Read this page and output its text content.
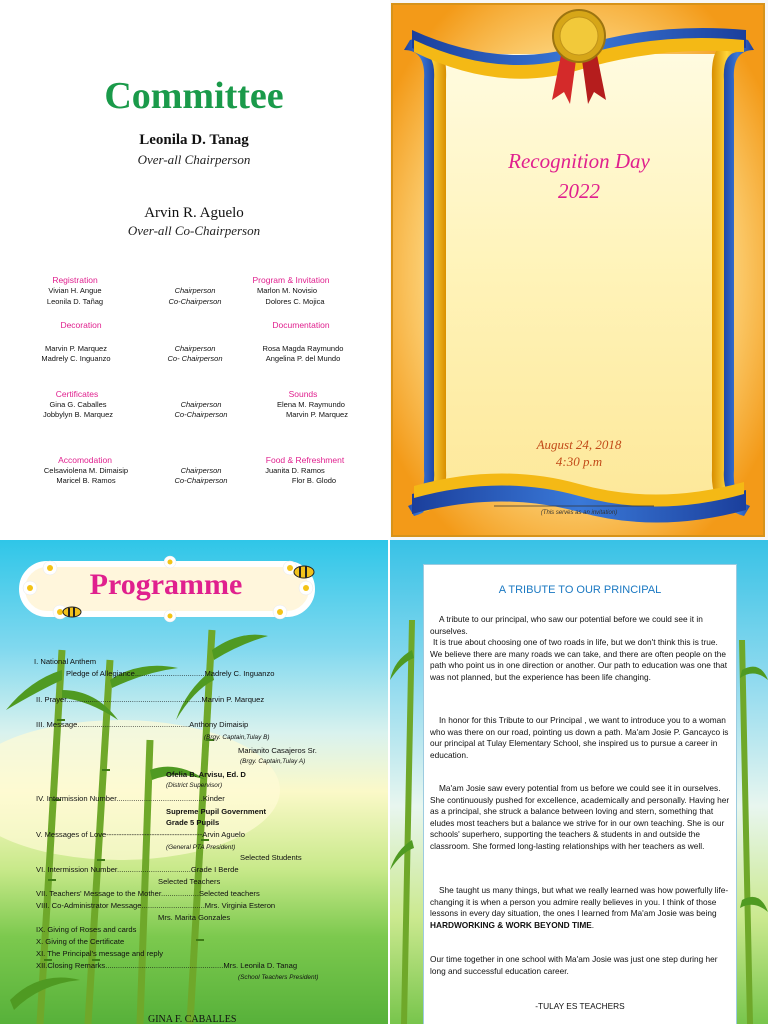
Committee
Leonila D. Tanag
Over-all Chairperson
Arvin R. Aguelo
Over-all Co-Chairperson
Registration
Vivian H. Angue
Leonila D. Tañag
Chairperson
Co-Chairperson
Program & Invitation
Marlon M. Novisio
Dolores C. Mojica
Decoration
Marvin P. Marquez
Madrely C. Inguanzo
Chairperson
Co- Chairperson
Documentation
Rosa Magda Raymundo
Angelina P. del Mundo
Certificates
Gina G. Caballes
Jobbylyn B. Marquez
Chairperson
Co-Chairperson
Sounds
Elena M. Raymundo
Marvin P. Marquez
Accomodation
Celsaviolena M. Dimaisip
Maricel B. Ramos
Chairperson
Co-Chairperson
Food & Refreshment
Juanita D. Ramos
Flor B. Glodo
Recognition Day
2022
August 24, 2018
4:30 p.m
(This serves as an invitation)
Programme
I. National Anthem
Pledge of Allegiance.................................Madrely C. Inguanzo
II. Prayer................................................................Marvin P. Marquez
III. Message.....................................................Anthony Dimaisip
(Brgy. Captain,Tulay B)
Marianito Casajeros Sr.
(Brgy. Captain,Tulay A)
Ofelia B. Arvisu, Ed. D
(District Supervisor)
IV. Intermission Number.........................................Kinder
Supreme Pupil Government
Grade 5 Pupils
V. Messages of Love--------------------------------------Arvin Aguelo
(General PTA President)
Selected Students
VI. Intermission Number...................................Grade I Berde
Selected Teachers
VII. Teachers' Message to the Mother..................Selected teachers
VIII. Co-Administrator Message..............................Mrs. Virginia Esteron
Mrs. Marita Gonzales
IX. Giving of Roses and cards
X. Giving of the Certificate
XI. The Principal's message and reply
XII.Closing Remarks........................................................Mrs. Leonila D. Tanag
(School Teachers President)
GINA F. CABALLES
A TRIBUTE TO OUR PRINCIPAL
A tribute to our principal, who saw our potential before we could see it in ourselves.
It is true about choosing one of two roads in life, but we don't think this is true. We believe there are many roads we can take, and there are often people on the path who point us in one direction or another. Our path to education was one that was not planned, but the experience has been life changing.
In honor for this Tribute to our Principal , we want to introduce you to a woman who was there on our road, pointing us down a path. Ma'am Josie P. Gancayco is our principal at Tulay Elementary School, she inspired us to pursue a career in education.
Ma'am Josie saw every potential from us before we could see it in ourselves. She continuously pushed for excellence, academically and personally. Having her as a principal, she struck a balance between loving and stern, something that eludes most teachers but a balance we strive for in our own teaching. She is our schools' superhero, supporting the teachers & students in and outside the classroom. She formed long-lasting relationships with her teachers as well.
She taught us many things, but what we really learned was how powerfully life-changing it is when a person you admire really believes in you. I think of those lessons in every day situation, the ones I learned from Ma'am Josie was being HARDWORKING & WORK BEYOND TIME.
Our time together in one school with Ma'am Josie was just one step during her long and successful education career.
-TULAY ES TEACHERS
